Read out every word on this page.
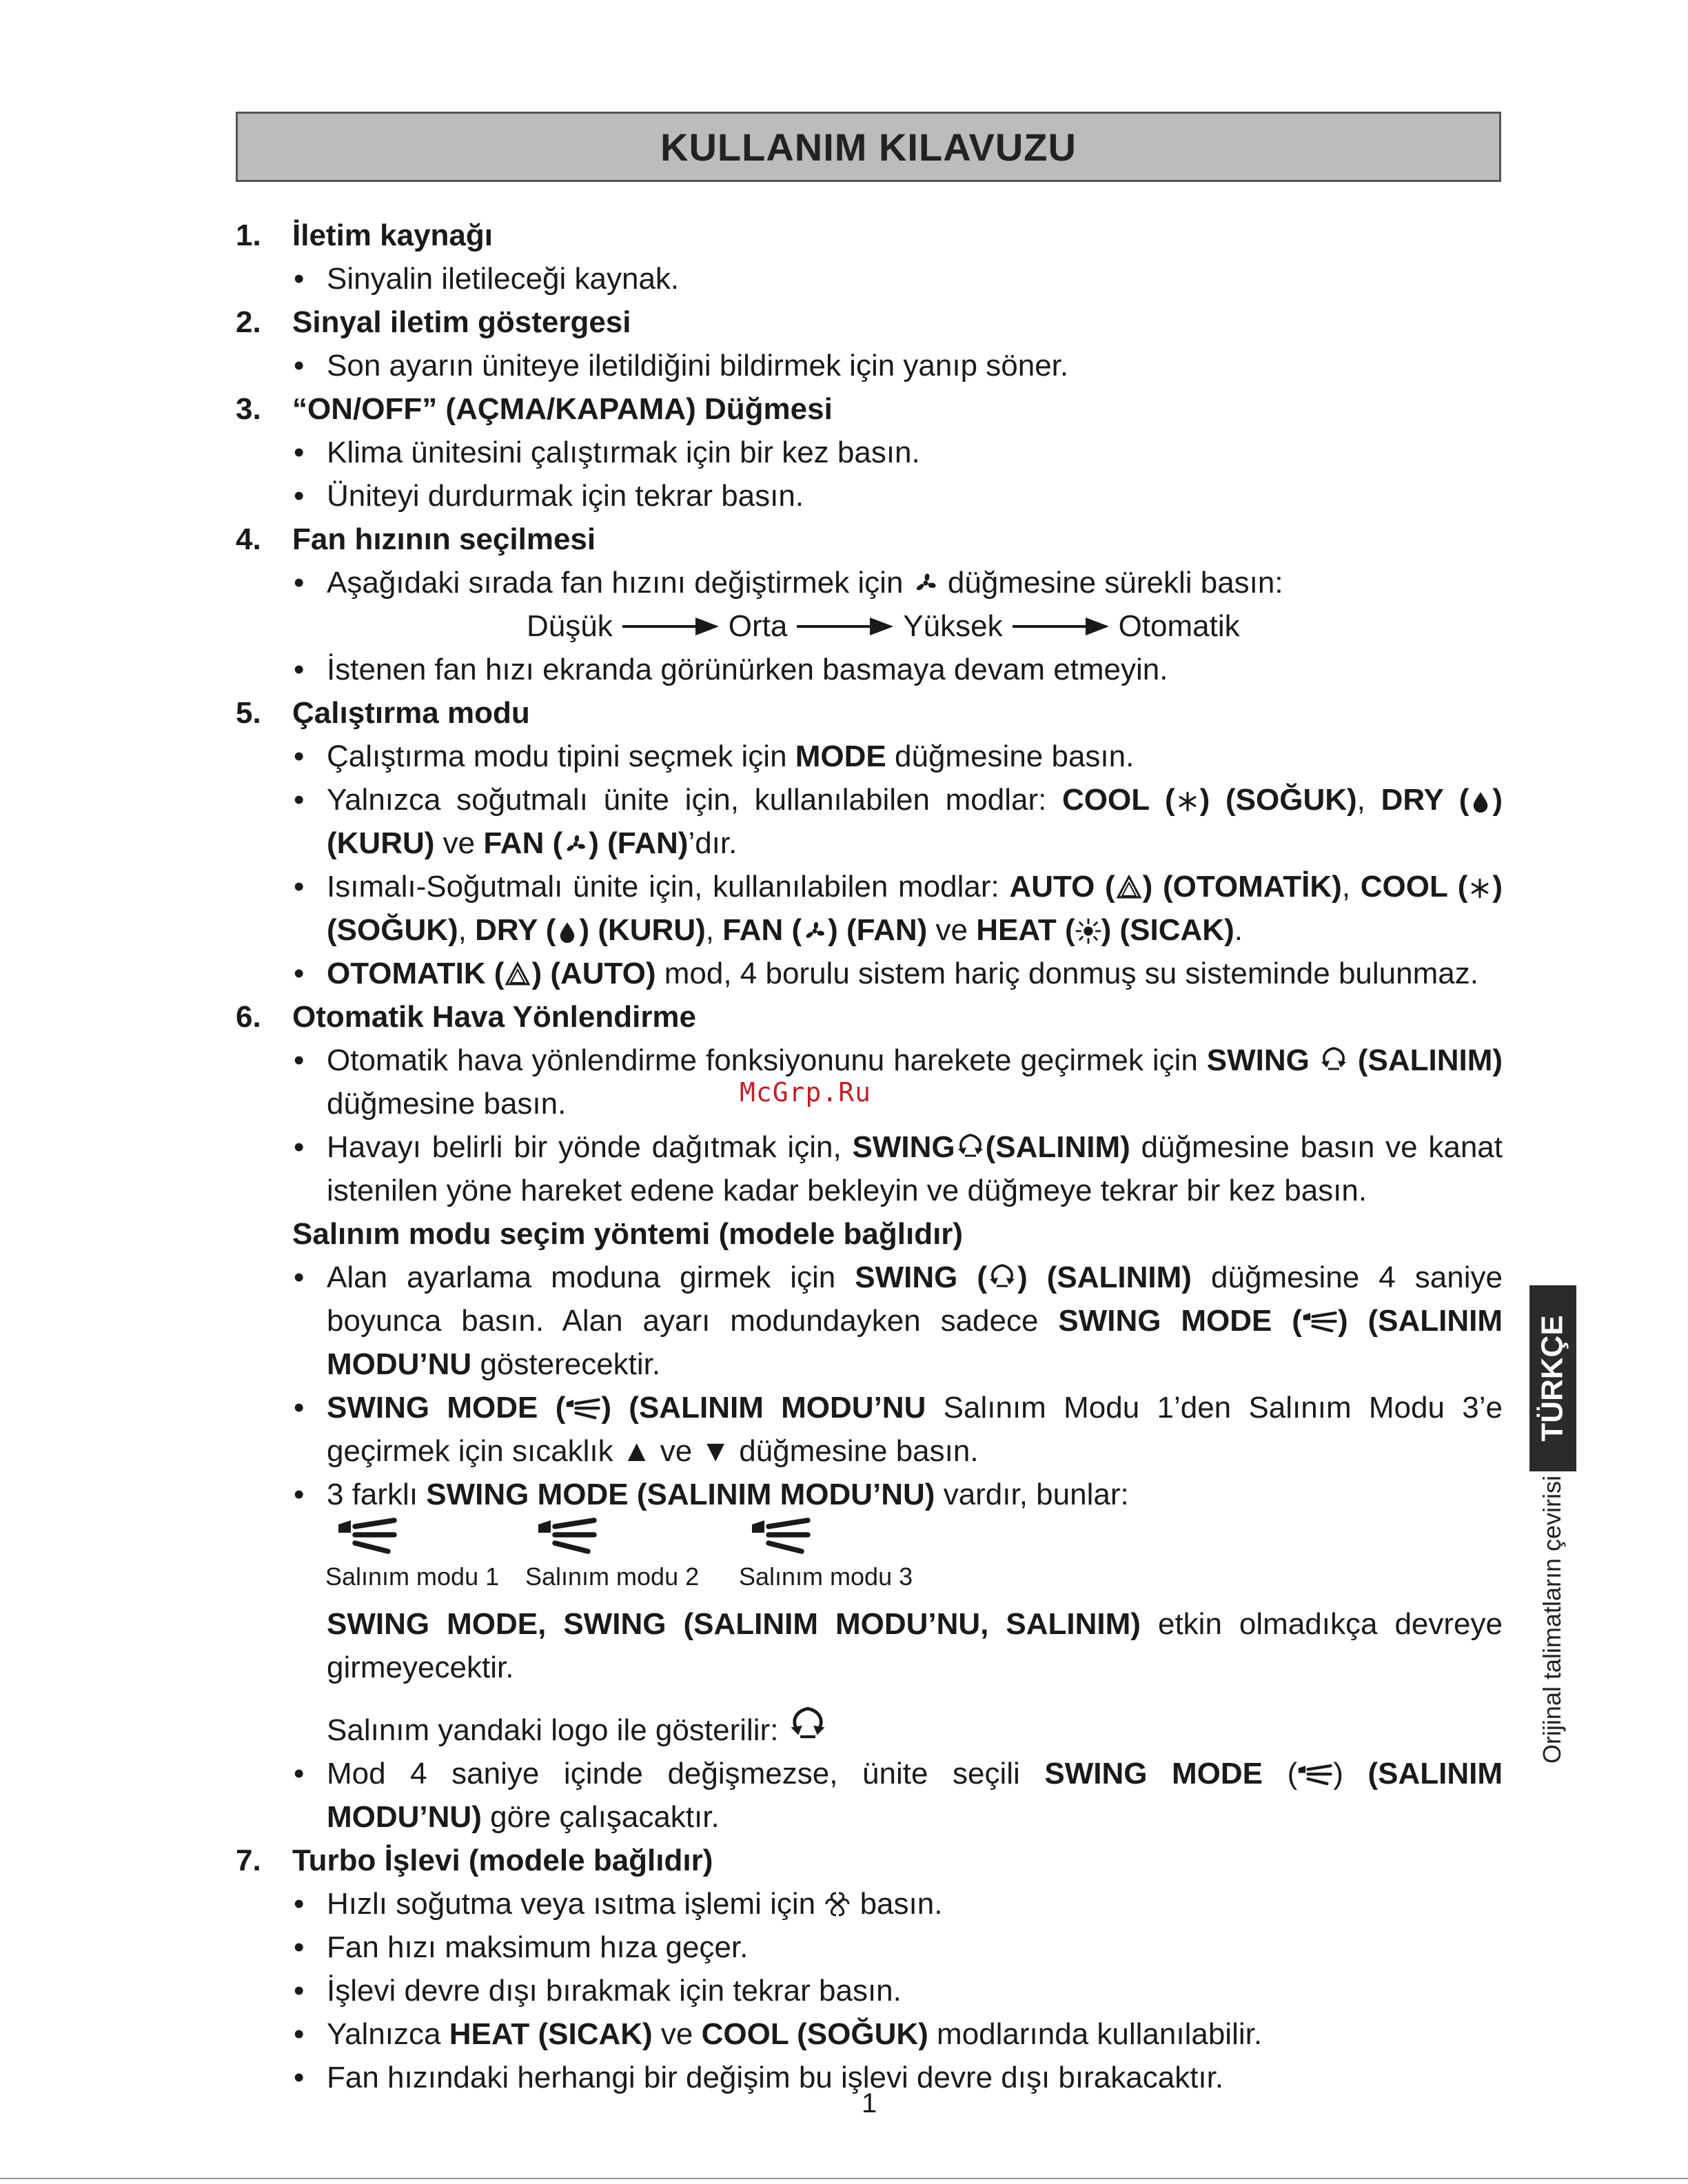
KULLANIM KILAVUZU
1.	İletim kaynağı
• Sinyalin iletileceği kaynak.
2.	Sinyal iletim göstergesi
• Son ayarın üniteye iletildiğini bildirmek için yanıp söner.
3.	“ON/OFF” (AÇMA/KAPAMA) Düğmesi
• Klima ünitesini çalıştırmak için bir kez basın.
• Üniteyi durdurmak için tekrar basın.
4.	Fan hızının seçilmesi
• Aşağıdaki sırada fan hızını değiştirmek için düğmesine sürekli basın:
Düşük	Orta	Yüksek	Otomatik
• İstenen fan hızı ekranda görünürken basmaya devam etmeyin.
5.	Çalıştırma modu
• Çalıştırma modu tipini seçmek için MODE düğmesine basın.
• Yalnızca soğutmalı ünite için, kullanılabilen modlar: COOL ( ) (SOĞUK), DRY ( ) (KURU) ve FAN ( ) (FAN)’dır.
• Isımalı-Soğutmalı ünite için, kullanılabilen modlar: AUTO ( ) (OTOMATİK), COOL ( ) (SOĞUK), DRY ( ) (KURU), FAN ( ) (FAN) ve HEAT ( ) (SICAK).
• OTOMATIK ( ) (AUTO) mod, 4 borulu sistem hariç donmuş su sisteminde bulunmaz.
6.	Otomatik Hava Yönlendirme
• Otomatik hava yönlendirme fonksiyonunu harekete geçirmek için SWING (SALINIM) düğmesine basın.
• Havayı belirli bir yönde dağıtmak için, SWING (SALINIM) düğmesine basın ve kanat istenilen yöne hareket edene kadar bekleyin ve düğmeye tekrar bir kez basın.
Salınım modu seçim yöntemi (modele bağlıdır)
• Alan ayarlama moduna girmek için SWING ( ) (SALINIM) düğmesine 4 saniye boyunca basın. Alan ayarı modundayken sadece SWING MODE ( ) (SALINIM MODU’NU gösterecektir.
• SWING MODE ( ) (SALINIM MODU’NU Salınım Modu 1’den Salınım Modu 3’e geçirmek için sıcaklık ▲ ve ▼ düğmesine basın.
• 3 farklı SWING MODE (SALINIM MODU’NU) vardır, bunlar:
Salınım modu 1 Salınım modu 2 Salınım modu 3
SWING MODE, SWING (SALINIM MODU’NU, SALINIM) etkin olmadıkça devreye girmeyecektir.
Salınım yandaki logo ile gösterilir:
• Mod 4 saniye içinde değişmezse, ünite seçili SWING MODE ( ) (SALINIM MODU’NU) göre çalışacaktır.
7.	Turbo İşlevi (modele bağlıdır)
• Hızlı soğutma veya ısıtma işlemi için basın.
• Fan hızı maksimum hıza geçer.
• İşlevi devre dışı bırakmak için tekrar basın.
• Yalnızca HEAT (SICAK) ve COOL (SOĞUK) modlarında kullanılabilir.
• Fan hızındaki herhangi bir değişim bu işlevi devre dışı bırakacaktır.
McGrp.Ru
TÜRKÇE
Orijinal talimatların çevirisi
1
